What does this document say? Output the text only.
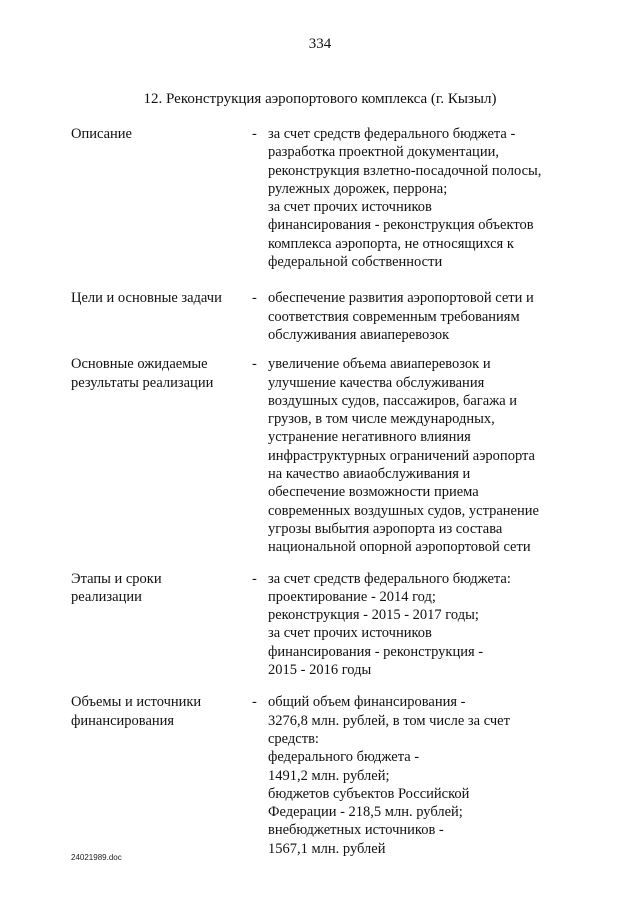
334
12. Реконструкция аэропортового комплекса (г. Кызыл)
Описание	- за счет средств федерального бюджета -
разработка проектной документации,
реконструкция взлетно-посадочной полосы,
рулежных дорожек, перрона;
за счет прочих источников
финансирования - реконструкция объектов
комплекса аэропорта, не относящихся к
федеральной собственности
Цели и основные задачи	- обеспечение развития аэропортовой сети и
соответствия современным требованиям
обслуживания авиаперевозок
Основные ожидаемые
результаты реализации
- увеличение объема авиаперевозок и
улучшение качества обслуживания
воздушных судов, пассажиров, багажа и
грузов, в том числе международных,
устранение негативного влияния
инфраструктурных ограничений аэропорта
на качество авиаобслуживания и
обеспечение возможности приема
современных воздушных судов, устранение
угрозы выбытия аэропорта из состава
национальной опорной аэропортовой сети
Этапы и сроки
реализации
- за счет средств федерального бюджета:
проектирование - 2014 год;
реконструкция - 2015 - 2017 годы;
за счет прочих источников
финансирования - реконструкция -
2015 - 2016 годы
Объемы и источники
финансирования
- общий объем финансирования -
3276,8 млн. рублей, в том числе за счет
средств:
федерального бюджета -
1491,2 млн. рублей;
бюджетов субъектов Российской
Федерации - 218,5 млн. рублей;
внебюджетных источников -
1567,1 млн. рублей
24021989.doc
